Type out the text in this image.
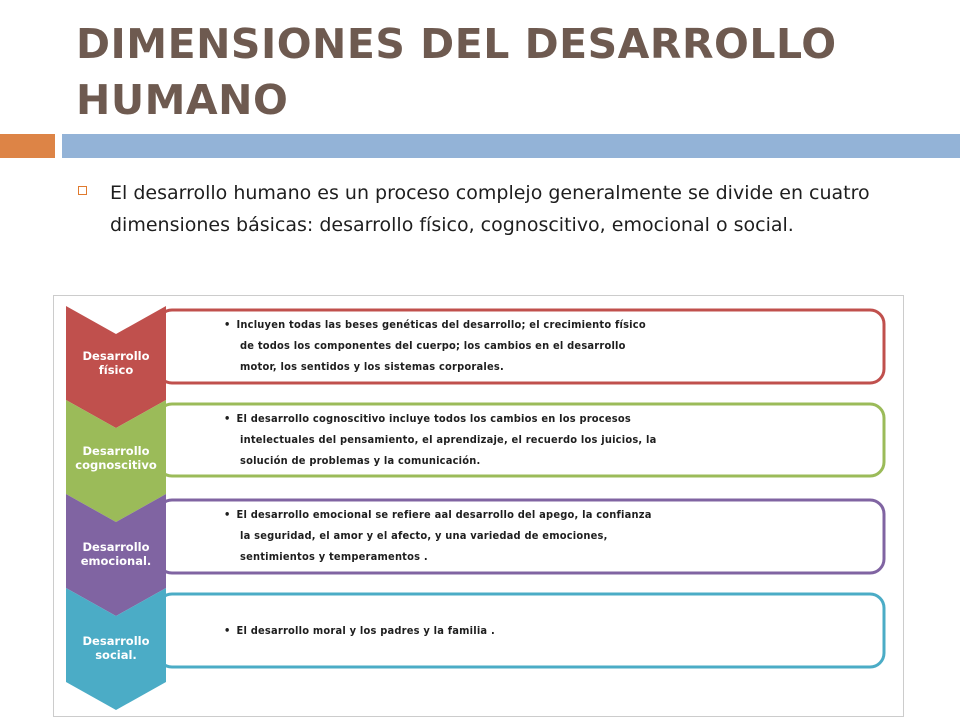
DIMENSIONES DEL DESARROLLO HUMANO

El desarrollo humano es un proceso complejo generalmente se divide en cuatro dimensiones básicas: desarrollo físico, cognoscitivo, emocional o social.

Desarrollo
físico

Desarrollo
cognoscitivo

Desarrollo
emocional.

Desarrollo
social.

• Incluyen todas las beses genéticas del desarrollo; el crecimiento físico
de todos los componentes del cuerpo; los cambios en el desarrollo
motor, los sentidos y los sistemas corporales.
• El desarrollo cognoscitivo incluye todos los cambios en los procesos
intelectuales del pensamiento, el aprendizaje, el recuerdo los juicios, la
solución de problemas y la comunicación.
• El desarrollo emocional se refiere aal desarrollo del apego, la confianza
la seguridad, el amor y el afecto, y una variedad de emociones,
sentimientos y temperamentos .
• El desarrollo moral y los padres y la familia .
